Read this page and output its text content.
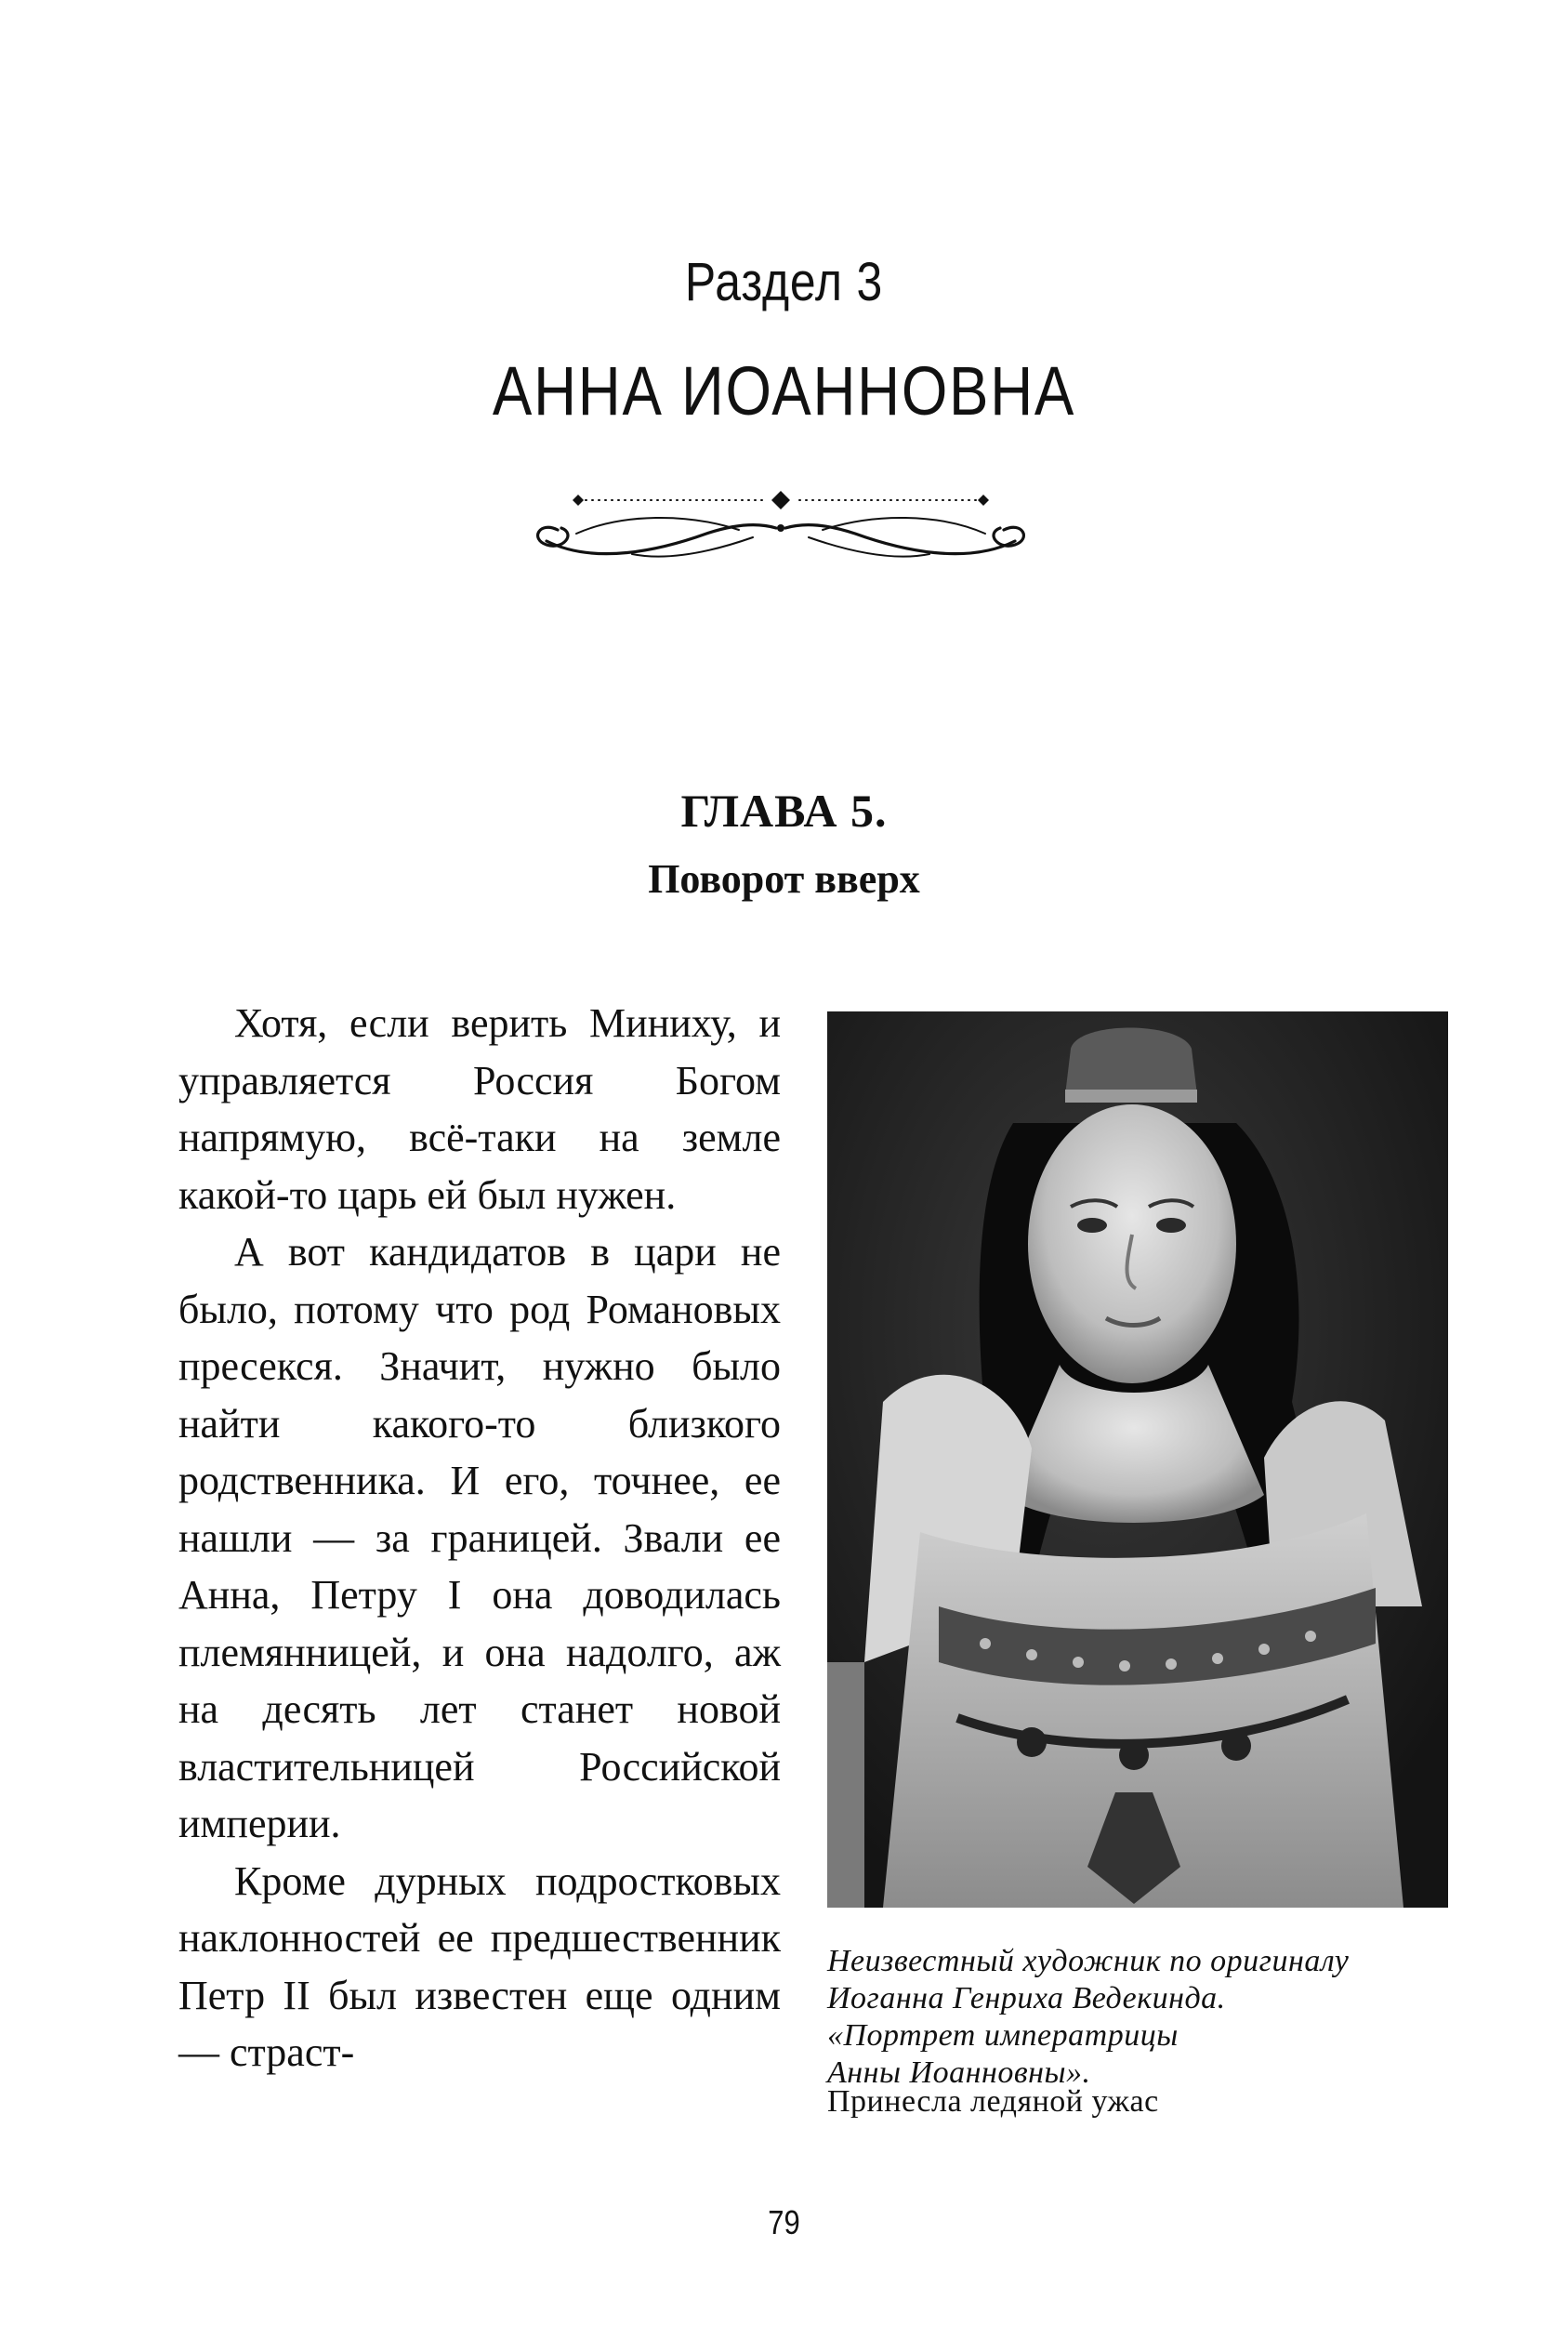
Раздел 3
АННА ИОАННОВНА
ГЛАВА 5.
Поворот вверх

Хотя, если верить Миниху, и управляется Россия Богом напрямую, всё-таки на земле какой-то царь ей был нужен.

А вот кандидатов в цари не было, потому что род Романовых пресекся. Значит, нужно было найти какого-то близкого родственника. И его, точнее, ее нашли — за границей. Звали ее Анна, Петру I она доводилась племянницей, и она надолго, аж на десять лет станет новой властительницей Российской империи.

Кроме дурных подростковых наклонностей ее предшественник Петр II был известен еще одним — страст-

Неизвестный художник по оригиналу
Иоганна Генриха Ведекинда.
«Портрет императрицы
Анны Иоанновны».
Принесла ледяной ужас
79
